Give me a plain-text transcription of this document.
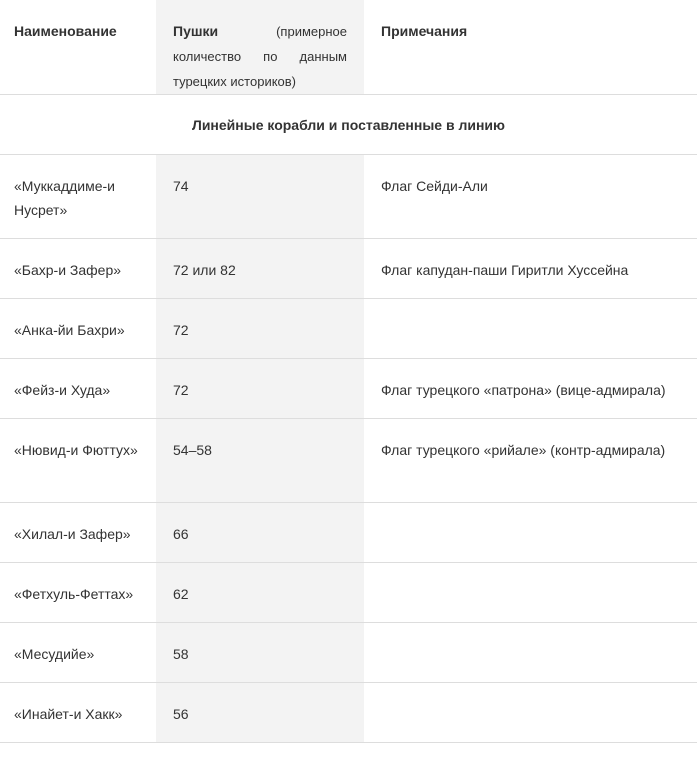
Наименование	Пушки (примерное количество по данным турецких историков)	Примечания
Линейные корабли и поставленные в линию		
«Муккаддиме-и Нусрет»	74	Флаг Сейди-Али
«Бахр-и Зафер»	72 или 82	Флаг капудан-паши Гиритли Хуссейна
«Анка-йи Бахри»	72	
«Фейз-и Худа»	72	Флаг турецкого «патрона» (вице-адмирала)
«Нювид-и Фюттух»	54–58	Флаг турецкого «рийале» (контр-адмирала)
«Хилал-и Зафер»	66	
«Фетхуль-Феттах»	62	
«Месудийе»	58	
«Инайет-и Хакк»	56	
